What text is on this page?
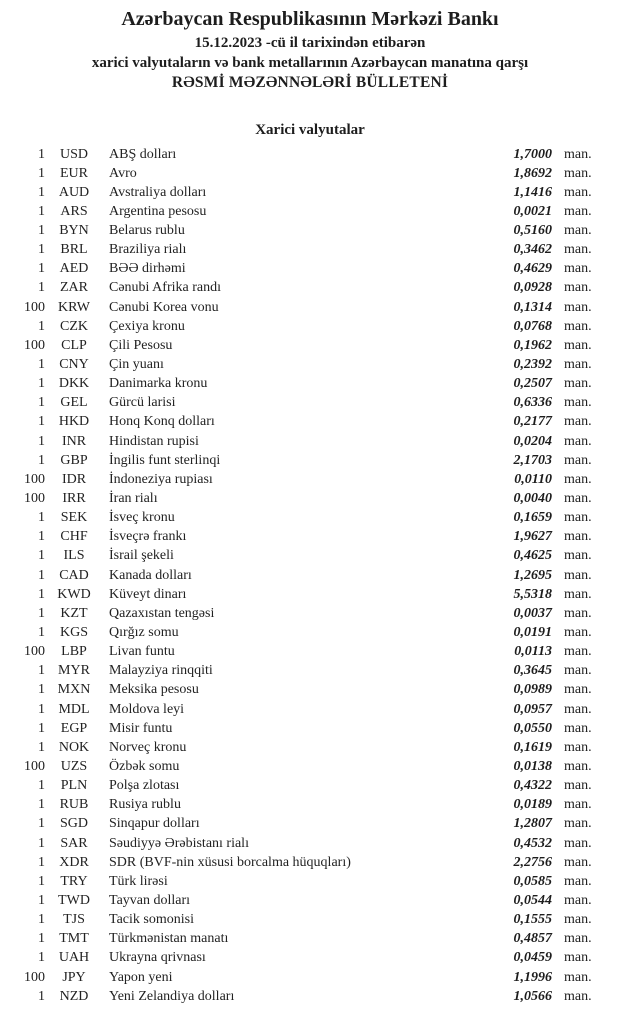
Azərbaycan Respublikasının Mərkəzi Bankı
15.12.2023 -cü il tarixindən etibarən
xarici valyutaların və bank metallarının Azərbaycan manatına qarşı
RƏSMİ MƏZƏNNƏLƏRİ BÜLLETENİ
Xarici valyutalar
1	USD	ABŞ dolları	1,7000 man.
1	EUR	Avro	1,8692 man.
1 AUD	Avstraliya dolları	1,1416 man.
1	ARS	Argentina pesosu	0,0021 man.
1	BYN	Belarus rublu	0,5160 man.
1	BRL	Braziliya rialı	0,3462 man.
1	AED	BƏƏ dirhəmi	0,4629 man.
1	ZAR	Cənubi Afrika randı	0,0928 man.
100 KRW	Cənubi Korea vonu	0,1314 man.
1	CZK	Çexiya kronu	0,0768 man.
100	CLP	Çili Pesosu	0,1962 man.
1	CNY	Çin yuanı	0,2392 man.
1 DKK	Danimarka kronu	0,2507 man.
1	GEL	Gürcü larisi	0,6336 man.
1 HKD	Honq Konq dolları	0,2177 man.
1	INR	Hindistan rupisi	0,0204 man.
1	GBP	İngilis funt sterlinqi	2,1703 man.
100	IDR	İndoneziya rupiası	0,0110 man.
100	IRR	İran rialı	0,0040 man.
1	SEK	İsveç kronu	0,1659 man.
1	CHF	İsveçrə frankı	1,9627 man.
1	ILS	İsrail şekeli	0,4625 man.
1	CAD	Kanada dolları	1,2695 man.
1 KWD	Küveyt dinarı	5,5318 man.
1	KZT	Qazaxıstan tengəsi	0,0037 man.
1	KGS	Qırğız somu	0,0191 man.
100	LBP	Livan funtu	0,0113 man.
1 MYR	Malayziya rinqqiti	0,3645 man.
1 MXN	Meksika pesosu	0,0989 man.
1 MDL	Moldova leyi	0,0957 man.
1	EGP	Misir funtu	0,0550 man.
1 NOK	Norveç kronu	0,1619 man.
100	UZS	Özbək somu	0,0138 man.
1	PLN	Polşa zlotası	0,4322 man.
1	RUB	Rusiya rublu	0,0189 man.
1	SGD	Sinqapur dolları	1,2807 man.
1	SAR	Səudiyyə Ərəbistanı rialı	0,4532 man.
1	XDR	SDR (BVF-nin xüsusi borcalma hüquqları)	2,2756 man.
1	TRY	Türk lirəsi	0,0585 man.
1 TWD	Tayvan dolları	0,0544 man.
1	TJS	Tacik somonisi	0,1555 man.
1	TMT	Türkmənistan manatı	0,4857 man.
1 UAH	Ukrayna qrivnası	0,0459 man.
100	JPY	Yapon yeni	1,1996 man.
1	NZD	Yeni Zelandiya dolları	1,0566 man.
